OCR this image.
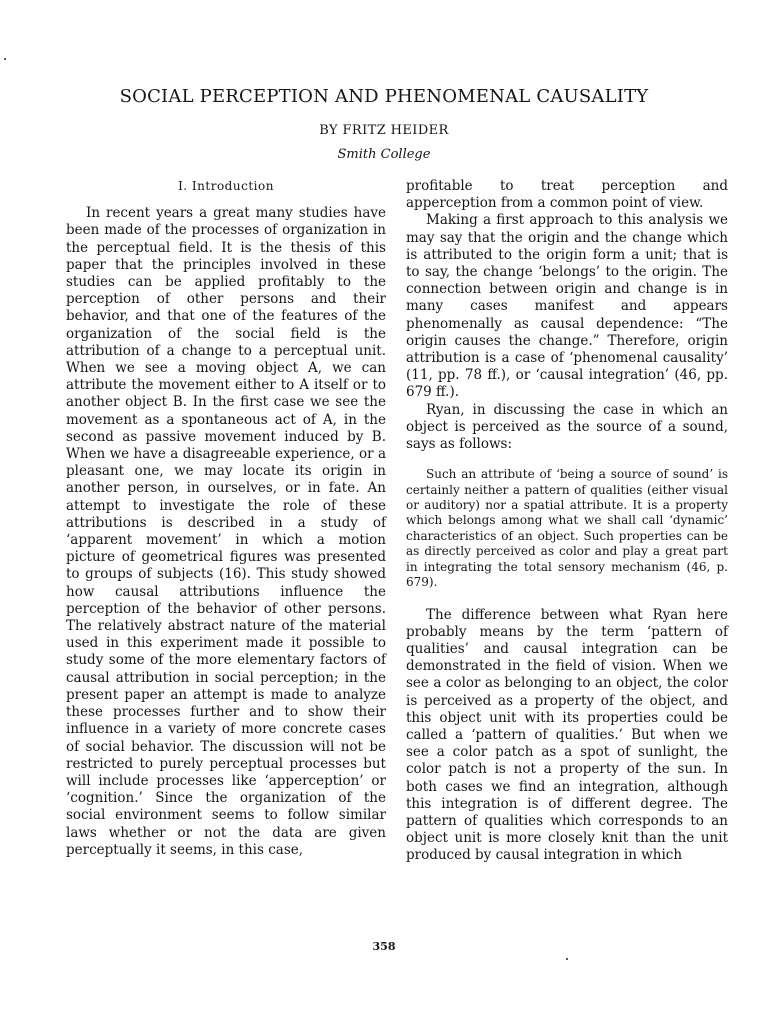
SOCIAL PERCEPTION AND PHENOMENAL CAUSALITY
BY FRITZ HEIDER
Smith College
I. Introduction

In recent years a great many studies have been made of the processes of organization in the perceptual field. It is the thesis of this paper that the principles involved in these studies can be applied profitably to the perception of other persons and their behavior, and that one of the features of the organization of the social field is the attribution of a change to a perceptual unit. When we see a moving object A, we can attribute the movement either to A itself or to another object B. In the first case we see the movement as a spontaneous act of A, in the second as passive movement induced by B. When we have a disagreeable experience, or a pleasant one, we may locate its origin in another person, in ourselves, or in fate. An attempt to investigate the role of these attributions is described in a study of ‘apparent movement’ in which a motion picture of geometrical figures was presented to groups of subjects (16). This study showed how causal attributions influence the perception of the behavior of other persons. The relatively abstract nature of the material used in this experiment made it possible to study some of the more elementary factors of causal attribution in social perception; in the present paper an attempt is made to analyze these processes further and to show their influence in a variety of more concrete cases of social behavior. The discussion will not be restricted to purely perceptual processes but will include processes like ‘apperception’ or ‘cognition.’ Since the organization of the social environment seems to follow similar laws whether or not the data are given perceptually it seems, in this case,

profitable to treat perception and apperception from a common point of view.

Making a first approach to this analysis we may say that the origin and the change which is attributed to the origin form a unit; that is to say, the change ‘belongs’ to the origin. The connection between origin and change is in many cases manifest and appears phenomenally as causal dependence: “The origin causes the change.” Therefore, origin attribution is a case of ‘phenomenal causality’ (11, pp. 78 ff.), or ‘causal integration’ (46, pp. 679 ff.).

Ryan, in discussing the case in which an object is perceived as the source of a sound, says as follows:

Such an attribute of ‘being a source of sound’ is certainly neither a pattern of qualities (either visual or auditory) nor a spatial attribute. It is a property which belongs among what we shall call ‘dynamic’ characteristics of an object. Such properties can be as directly perceived as color and play a great part in integrating the total sensory mechanism (46, p. 679).

The difference between what Ryan here probably means by the term ‘pattern of qualities’ and causal integration can be demonstrated in the field of vision. When we see a color as belonging to an object, the color is perceived as a property of the object, and this object unit with its properties could be called a ‘pattern of qualities.’ But when we see a color patch as a spot of sunlight, the color patch is not a property of the sun. In both cases we find an integration, although this integration is of different degree. The pattern of qualities which corresponds to an object unit is more closely knit than the unit produced by causal integration in which

358
